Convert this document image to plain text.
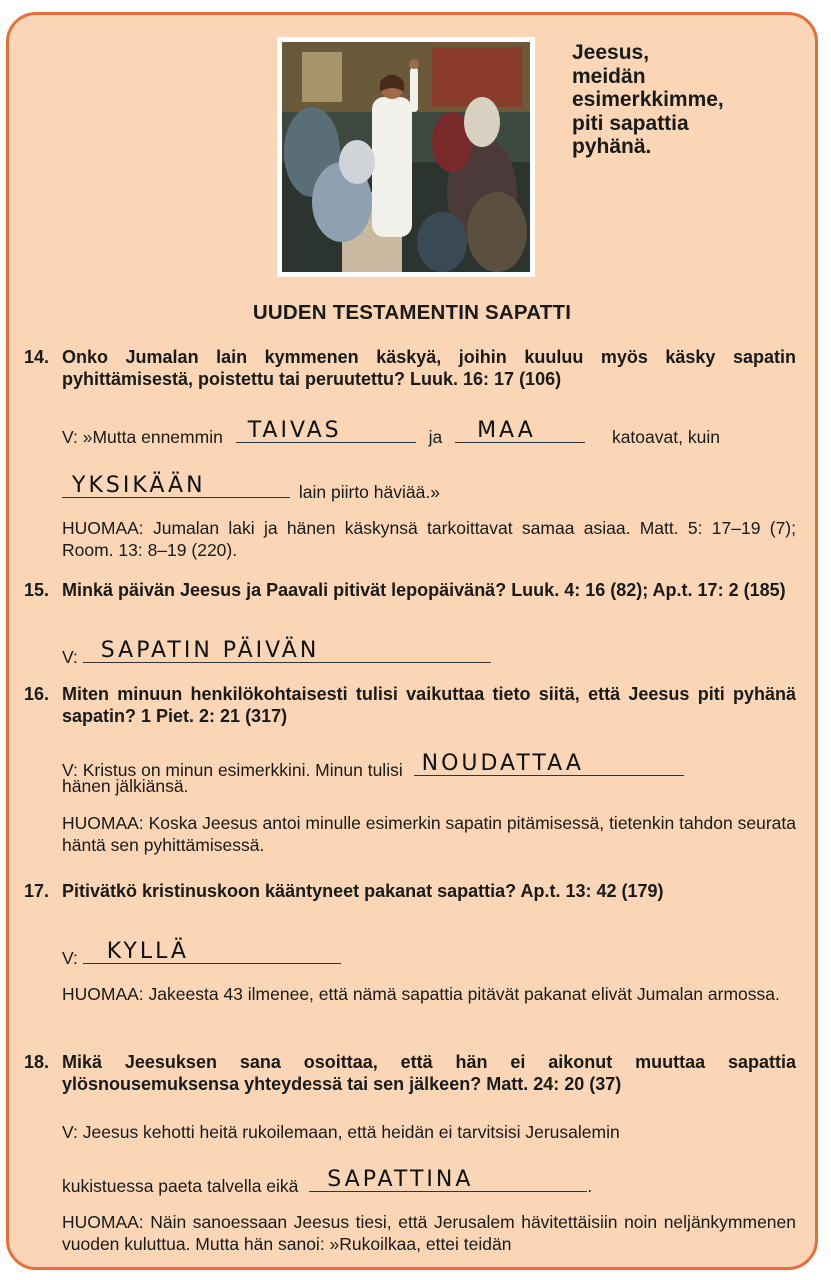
Jeesus,
meidän
esimerkkimme,
piti sapattia
pyhänä.
UUDEN TESTAMENTIN SAPATTI
14. Onko Jumalan lain kymmenen käskyä, joihin kuuluu myös käsky sapatin pyhittämisestä, poistettu tai peruutettu? Luuk. 16: 17 (106)
V: »Mutta ennemmin TAIVAS	ja MAA	katoavat, kuin
YKSIKÄÄN	lain piirto häviää.»
HUOMAA: Jumalan laki ja hänen käskynsä tarkoittavat samaa asiaa. Matt. 5: 17–19 (7); Room. 13: 8–19 (220).
15. Minkä päivän Jeesus ja Paavali pitivät lepopäivänä? Luuk. 4: 16 (82); Ap.t. 17: 2 (185)
V: SAPATIN PÄIVÄN
16. Miten minuun henkilökohtaisesti tulisi vaikuttaa tieto siitä, että Jeesus piti pyhänä sapatin? 1 Piet. 2: 21 (317)
V: Kristus on minun esimerkkini. Minun tulisi NOUDATTAA
hänen jälkiänsä.
HUOMAA: Koska Jeesus antoi minulle esimerkin sapatin pitämisessä, tietenkin tahdon seurata häntä sen pyhittämisessä.
17. Pitivätkö kristinuskoon kääntyneet pakanat sapattia? Ap.t. 13: 42 (179)
V: KYLLÄ
HUOMAA: Jakeesta 43 ilmenee, että nämä sapattia pitävät pakanat elivät Jumalan armossa.
18. Mikä Jeesuksen sana osoittaa, että hän ei aikonut muuttaa sapattia ylösnousemuksensa yhteydessä tai sen jälkeen? Matt. 24: 20 (37)
V: Jeesus kehotti heitä rukoilemaan, että heidän ei tarvitsisi Jerusalemin
kukistuessa paeta talvella eikä SAPATTINA	.
HUOMAA: Näin sanoessaan Jeesus tiesi, että Jerusalem hävitettäisiin noin neljänkymmenen vuoden kuluttua. Mutta hän sanoi: »Rukoilkaa, ettei teidän
